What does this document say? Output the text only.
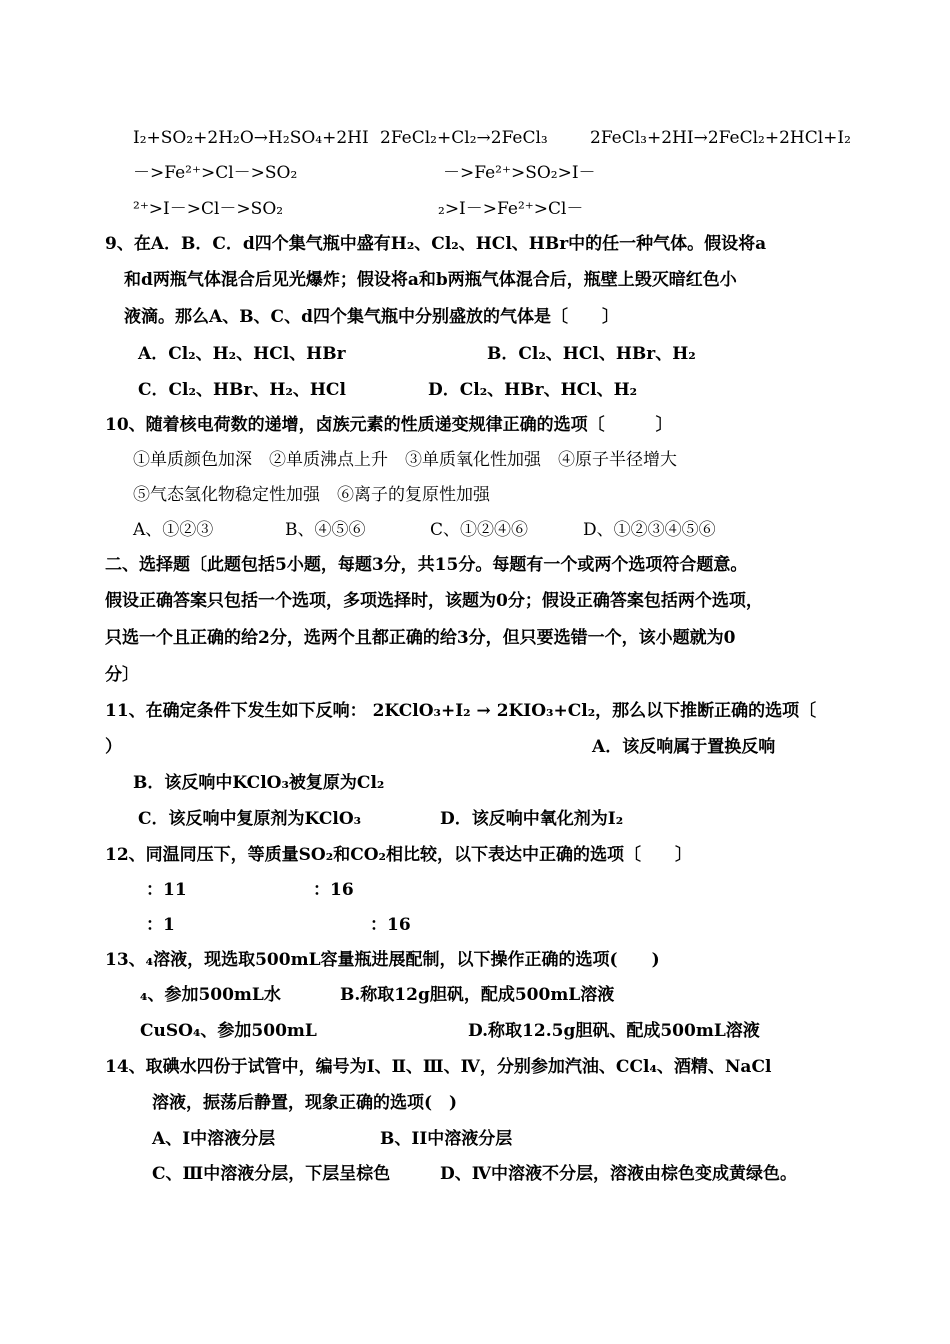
I₂+SO₂+2H₂O→H₂SO₄+2HI 2FeCl₂+Cl₂→2FeCl₃ 2FeCl₃+2HI→2FeCl₂+2HCl+I₂
－>Fe²⁺>Cl－>SO₂	－>Fe²⁺>SO₂>I－
²⁺>I－>Cl－>SO₂	₂>I－>Fe²⁺>Cl－
9、在A．B．C．d四个集气瓶中盛有H₂、Cl₂、HCl、HBr中的任一种气体。假设将a
和d两瓶气体混合后见光爆炸；假设将a和b两瓶气体混合后，瓶壁上毁灭暗红色小
液滴。那么A、B、C、d四个集气瓶中分别盛放的气体是〔　　〕
A．Cl₂、H₂、HCl、HBr	B．Cl₂、HCl、HBr、H₂
C．Cl₂、HBr、H₂、HCl	D．Cl₂、HBr、HCl、H₂
10、随着核电荷数的递增，卤族元素的性质递变规律正确的选项〔　　　〕
①单质颜色加深　②单质沸点上升　③单质氧化性加强　④原子半径增大
⑤气态氢化物稳定性加强　⑥离子的复原性加强
A、①②③	B、④⑤⑥	C、①②④⑥	D、①②③④⑤⑥
二、选择题〔此题包括5小题，每题3分，共15分。每题有一个或两个选项符合题意。
假设正确答案只包括一个选项，多项选择时，该题为0分；假设正确答案包括两个选项，
只选一个且正确的给2分，选两个且都正确的给3分，但只要选错一个，该小题就为0
分〕
11、在确定条件下发生如下反响： 2KClO₃+I₂ → 2KIO₃+Cl₂，那么以下推断正确的选项〔
）	A．该反响属于置换反响
B．该反响中KClO₃被复原为Cl₂
C．该反响中复原剂为KClO₃	D．该反响中氧化剂为I₂
12、同温同压下，等质量SO₂和CO₂相比较，以下表达中正确的选项〔　　〕
：11	：16
：1	：16
13、₄溶液，现选取500mL容量瓶进展配制，以下操作正确的选项(　　)
₄、参加500mL水	B.称取12g胆矾，配成500mL溶液
CuSO₄、参加500mL	D.称取12.5g胆矾、配成500mL溶液
14、取碘水四份于试管中，编号为Ⅰ、Ⅱ、Ⅲ、Ⅳ，分别参加汽油、CCl₄、酒精、NaCl
溶液，振荡后静置，现象正确的选项(　)
A、Ⅰ中溶液分层	B、II中溶液分层
C、Ⅲ中溶液分层，下层呈棕色	D、Ⅳ中溶液不分层，溶液由棕色变成黄绿色。
